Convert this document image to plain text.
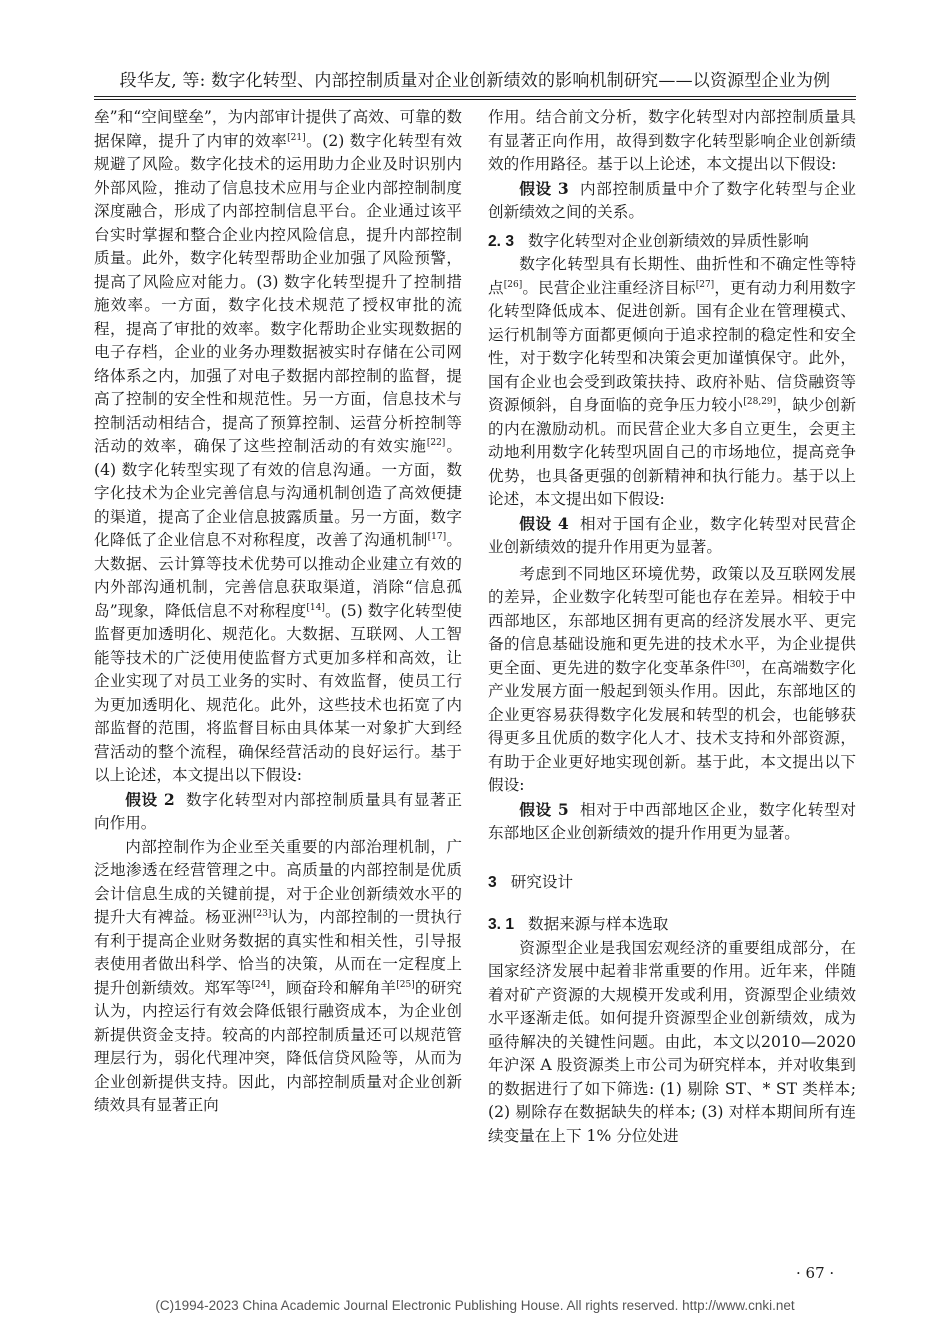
段华友, 等: 数字化转型、内部控制质量对企业创新绩效的影响机制研究——以资源型企业为例

垒”和“空间壁垒”，为内部审计提供了高效、可靠的数据保障，提升了内审的效率[21]。(2) 数字化转型有效规避了风险。数字化技术的运用助力企业及时识别内外部风险，推动了信息技术应用与企业内部控制制度深度融合，形成了内部控制信息平台。企业通过该平台实时掌握和整合企业内控风险信息，提升内部控制质量。此外，数字化转型帮助企业加强了风险预警，提高了风险应对能力。(3) 数字化转型提升了控制措施效率。一方面，数字化技术规范了授权审批的流程，提高了审批的效率。数字化帮助企业实现数据的电子存档，企业的业务办理数据被实时存储在公司网络体系之内，加强了对电子数据内部控制的监督，提高了控制的安全性和规范性。另一方面，信息技术与控制活动相结合，提高了预算控制、运营分析控制等活动的效率，确保了这些控制活动的有效实施[22]。(4) 数字化转型实现了有效的信息沟通。一方面，数字化技术为企业完善信息与沟通机制创造了高效便捷的渠道，提高了企业信息披露质量。另一方面，数字化降低了企业信息不对称程度，改善了沟通机制[17]。大数据、云计算等技术优势可以推动企业建立有效的内外部沟通机制，完善信息获取渠道，消除“信息孤岛”现象，降低信息不对称程度[14]。(5) 数字化转型使监督更加透明化、规范化。大数据、互联网、人工智能等技术的广泛使用使监督方式更加多样和高效，让企业实现了对员工业务的实时、有效监督，使员工行为更加透明化、规范化。此外，这些技术也拓宽了内部监督的范围，将监督目标由具体某一对象扩大到经营活动的整个流程，确保经营活动的良好运行。基于以上论述，本文提出以下假设:

假设 2 数字化转型对内部控制质量具有显著正向作用。

内部控制作为企业至关重要的内部治理机制，广泛地渗透在经营管理之中。高质量的内部控制是优质会计信息生成的关键前提，对于企业创新绩效水平的提升大有裨益。杨亚洲[23]认为，内部控制的一贯执行有利于提高企业财务数据的真实性和相关性，引导报表使用者做出科学、恰当的决策，从而在一定程度上提升创新绩效。郑军等[24]，顾奋玲和解角羊[25]的研究认为，内控运行有效会降低银行融资成本，为企业创新提供资金支持。较高的内部控制质量还可以规范管理层行为，弱化代理冲突，降低信贷风险等，从而为企业创新提供支持。因此，内部控制质量对企业创新绩效具有显著正向

作用。结合前文分析，数字化转型对内部控制质量具有显著正向作用，故得到数字化转型影响企业创新绩效的作用路径。基于以上论述，本文提出以下假设:

假设 3 内部控制质量中介了数字化转型与企业创新绩效之间的关系。

2. 3 数字化转型对企业创新绩效的异质性影响

数字化转型具有长期性、曲折性和不确定性等特点[26]。民营企业注重经济目标[27]，更有动力利用数字化转型降低成本、促进创新。国有企业在管理模式、运行机制等方面都更倾向于追求控制的稳定性和安全性，对于数字化转型和决策会更加谨慎保守。此外，国有企业也会受到政策扶持、政府补贴、信贷融资等资源倾斜，自身面临的竞争压力较小[28,29]，缺少创新的内在激励动机。而民营企业大多自立更生，会更主动地利用数字化转型巩固自己的市场地位，提高竞争优势，也具备更强的创新精神和执行能力。基于以上论述，本文提出如下假设:

假设 4 相对于国有企业，数字化转型对民营企业创新绩效的提升作用更为显著。

考虑到不同地区环境优势，政策以及互联网发展的差异，企业数字化转型可能也存在差异。相较于中西部地区，东部地区拥有更高的经济发展水平、更完备的信息基础设施和更先进的技术水平，为企业提供更全面、更先进的数字化变革条件[30]，在高端数字化产业发展方面一般起到领头作用。因此，东部地区的企业更容易获得数字化发展和转型的机会，也能够获得更多且优质的数字化人才、技术支持和外部资源，有助于企业更好地实现创新。基于此，本文提出以下假设:

假设 5 相对于中西部地区企业，数字化转型对东部地区企业创新绩效的提升作用更为显著。

3 研究设计

3. 1 数据来源与样本选取

资源型企业是我国宏观经济的重要组成部分，在国家经济发展中起着非常重要的作用。近年来，伴随着对矿产资源的大规模开发或利用，资源型企业绩效水平逐渐走低。如何提升资源型企业创新绩效，成为亟待解决的关键性问题。由此，本文以2010—2020 年沪深 A 股资源类上市公司为研究样本，并对收集到的数据进行了如下筛选: (1) 剔除 ST、* ST 类样本; (2) 剔除存在数据缺失的样本; (3) 对样本期间所有连续变量在上下 1% 分位处进

· 67 ·
(C)1994-2023 China Academic Journal Electronic Publishing House. All rights reserved. http://www.cnki.net
